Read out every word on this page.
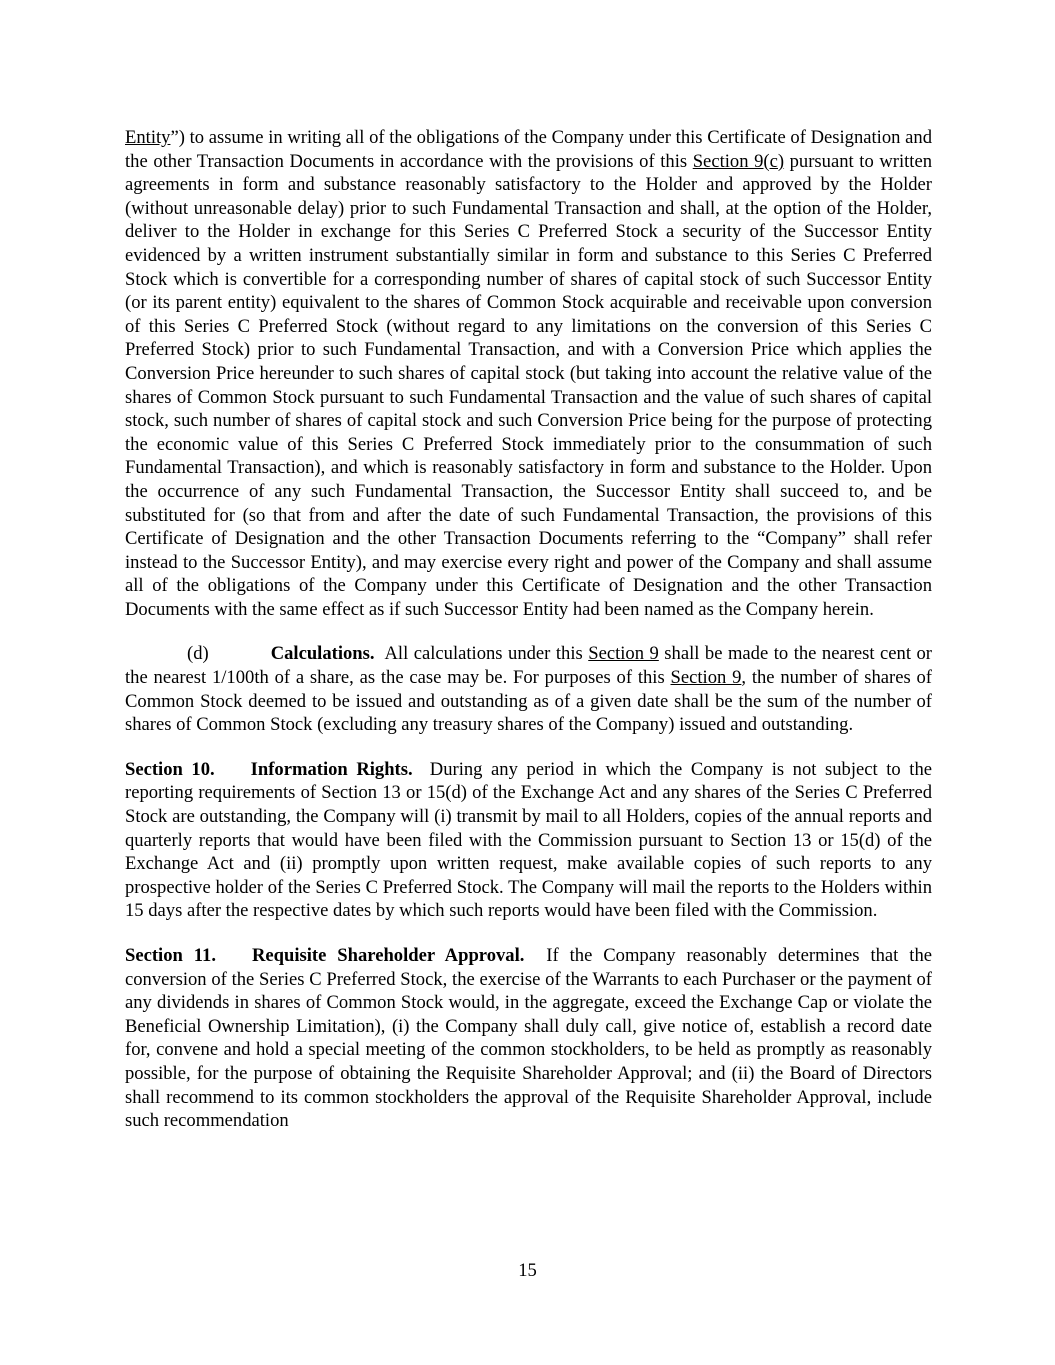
Entity”) to assume in writing all of the obligations of the Company under this Certificate of Designation and the other Transaction Documents in accordance with the provisions of this Section 9(c) pursuant to written agreements in form and substance reasonably satisfactory to the Holder and approved by the Holder (without unreasonable delay) prior to such Fundamental Transaction and shall, at the option of the Holder, deliver to the Holder in exchange for this Series C Preferred Stock a security of the Successor Entity evidenced by a written instrument substantially similar in form and substance to this Series C Preferred Stock which is convertible for a corresponding number of shares of capital stock of such Successor Entity (or its parent entity) equivalent to the shares of Common Stock acquirable and receivable upon conversion of this Series C Preferred Stock (without regard to any limitations on the conversion of this Series C Preferred Stock) prior to such Fundamental Transaction, and with a Conversion Price which applies the Conversion Price hereunder to such shares of capital stock (but taking into account the relative value of the shares of Common Stock pursuant to such Fundamental Transaction and the value of such shares of capital stock, such number of shares of capital stock and such Conversion Price being for the purpose of protecting the economic value of this Series C Preferred Stock immediately prior to the consummation of such Fundamental Transaction), and which is reasonably satisfactory in form and substance to the Holder. Upon the occurrence of any such Fundamental Transaction, the Successor Entity shall succeed to, and be substituted for (so that from and after the date of such Fundamental Transaction, the provisions of this Certificate of Designation and the other Transaction Documents referring to the “Company” shall refer instead to the Successor Entity), and may exercise every right and power of the Company and shall assume all of the obligations of the Company under this Certificate of Designation and the other Transaction Documents with the same effect as if such Successor Entity had been named as the Company herein.

(d)	Calculations.  All calculations under this Section 9 shall be made to the nearest cent or the nearest 1/100th of a share, as the case may be. For purposes of this Section 9, the number of shares of Common Stock deemed to be issued and outstanding as of a given date shall be the sum of the number of shares of Common Stock (excluding any treasury shares of the Company) issued and outstanding.

Section 10. Information Rights.  During any period in which the Company is not subject to the reporting requirements of Section 13 or 15(d) of the Exchange Act and any shares of the Series C Preferred Stock are outstanding, the Company will (i) transmit by mail to all Holders, copies of the annual reports and quarterly reports that would have been filed with the Commission pursuant to Section 13 or 15(d) of the Exchange Act and (ii) promptly upon written request, make available copies of such reports to any prospective holder of the Series C Preferred Stock. The Company will mail the reports to the Holders within 15 days after the respective dates by which such reports would have been filed with the Commission.

Section 11. Requisite Shareholder Approval.  If the Company reasonably determines that the conversion of the Series C Preferred Stock, the exercise of the Warrants to each Purchaser or the payment of any dividends in shares of Common Stock would, in the aggregate, exceed the Exchange Cap or violate the Beneficial Ownership Limitation), (i) the Company shall duly call, give notice of, establish a record date for, convene and hold a special meeting of the common stockholders, to be held as promptly as reasonably possible, for the purpose of obtaining the Requisite Shareholder Approval; and (ii) the Board of Directors shall recommend to its common stockholders the approval of the Requisite Shareholder Approval, include such recommendation

15
